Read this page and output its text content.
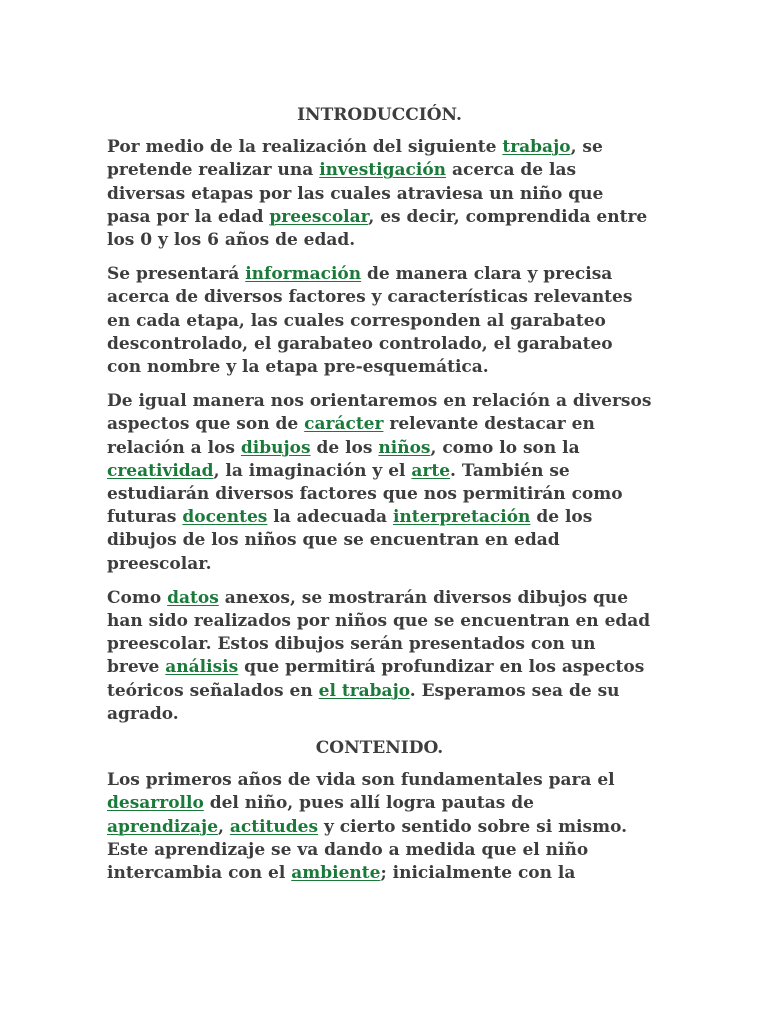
INTRODUCCIÓN.

Por medio de la realización del siguiente trabajo, se pretende realizar una investigación acerca de las diversas etapas por las cuales atraviesa un niño que pasa por la edad preescolar, es decir, comprendida entre los 0 y los 6 años de edad.

Se presentará información de manera clara y precisa acerca de diversos factores y características relevantes en cada etapa, las cuales corresponden al garabateo descontrolado, el garabateo controlado, el garabateo con nombre y la etapa pre-esquemática.

De igual manera nos orientaremos en relación a diversos aspectos que son de carácter relevante destacar en relación a los dibujos de los niños, como lo son la creatividad, la imaginación y el arte. También se estudiarán diversos factores que nos permitirán como futuras docentes la adecuada interpretación de los dibujos de los niños que se encuentran en edad preescolar.

Como datos anexos, se mostrarán diversos dibujos que han sido realizados por niños que se encuentran en edad preescolar. Estos dibujos serán presentados con un breve análisis que permitirá profundizar en los aspectos teóricos señalados en el trabajo. Esperamos sea de su agrado.

CONTENIDO.

Los primeros años de vida son fundamentales para el desarrollo del niño, pues allí logra pautas de aprendizaje, actitudes y cierto sentido sobre si mismo. Este aprendizaje se va dando a medida que el niño intercambia con el ambiente; inicialmente con la
